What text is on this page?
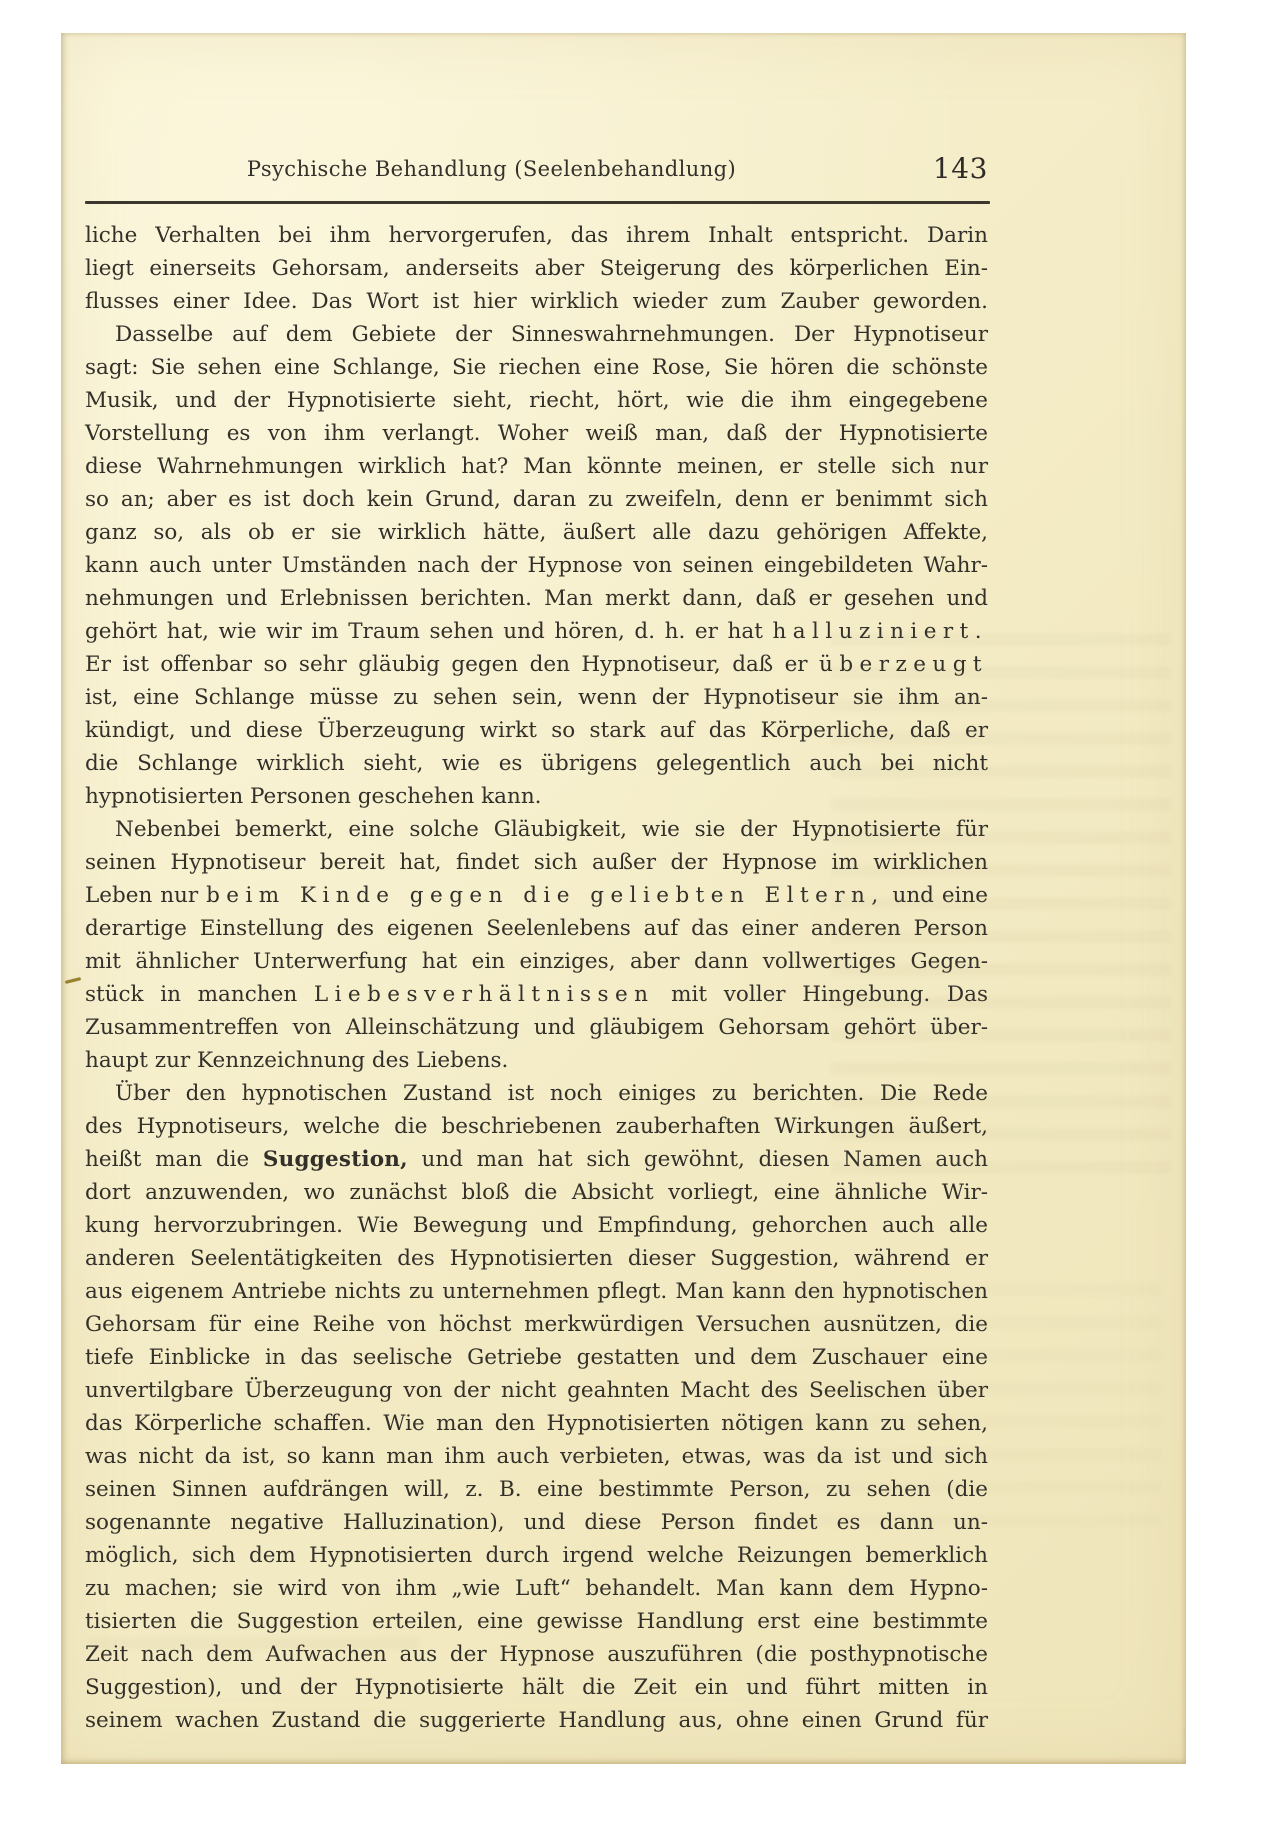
Psychische Behandlung (Seelenbehandlung)	143
liche Verhalten bei ihm hervorgerufen, das ihrem Inhalt entspricht. Darin
liegt einerseits Gehorsam, anderseits aber Steigerung des körperlichen Ein-
flusses einer Idee. Das Wort ist hier wirklich wieder zum Zauber geworden.
Dasselbe auf dem Gebiete der Sinneswahrnehmungen. Der Hypnotiseur
sagt: Sie sehen eine Schlange, Sie riechen eine Rose, Sie hören die schönste
Musik, und der Hypnotisierte sieht, riecht, hört, wie die ihm eingegebene
Vorstellung es von ihm verlangt. Woher weiß man, daß der Hypnotisierte
diese Wahrnehmungen wirklich hat? Man könnte meinen, er stelle sich nur
so an; aber es ist doch kein Grund, daran zu zweifeln, denn er benimmt sich
ganz so, als ob er sie wirklich hätte, äußert alle dazu gehörigen Affekte,
kann auch unter Umständen nach der Hypnose von seinen eingebildeten Wahr-
nehmungen und Erlebnissen berichten. Man merkt dann, daß er gesehen und
gehört hat, wie wir im Traum sehen und hören, d. h. er hat halluziniert.
Er ist offenbar so sehr gläubig gegen den Hypnotiseur, daß er überzeugt
ist, eine Schlange müsse zu sehen sein, wenn der Hypnotiseur sie ihm an-
kündigt, und diese Überzeugung wirkt so stark auf das Körperliche, daß er
die Schlange wirklich sieht, wie es übrigens gelegentlich auch bei nicht
hypnotisierten Personen geschehen kann.
Nebenbei bemerkt, eine solche Gläubigkeit, wie sie der Hypnotisierte für
seinen Hypnotiseur bereit hat, findet sich außer der Hypnose im wirklichen
Leben nur beim Kinde gegen die geliebten Eltern, und eine
derartige Einstellung des eigenen Seelenlebens auf das einer anderen Person
mit ähnlicher Unterwerfung hat ein einziges, aber dann vollwertiges Gegen-
stück in manchen Liebesverhältnissen mit voller Hingebung. Das
Zusammentreffen von Alleinschätzung und gläubigem Gehorsam gehört über-
haupt zur Kennzeichnung des Liebens.
Über den hypnotischen Zustand ist noch einiges zu berichten. Die Rede
des Hypnotiseurs, welche die beschriebenen zauberhaften Wirkungen äußert,
heißt man die Suggestion, und man hat sich gewöhnt, diesen Namen auch
dort anzuwenden, wo zunächst bloß die Absicht vorliegt, eine ähnliche Wir-
kung hervorzubringen. Wie Bewegung und Empfindung, gehorchen auch alle
anderen Seelentätigkeiten des Hypnotisierten dieser Suggestion, während er
aus eigenem Antriebe nichts zu unternehmen pflegt. Man kann den hypnotischen
Gehorsam für eine Reihe von höchst merkwürdigen Versuchen ausnützen, die
tiefe Einblicke in das seelische Getriebe gestatten und dem Zuschauer eine
unvertilgbare Überzeugung von der nicht geahnten Macht des Seelischen über
das Körperliche schaffen. Wie man den Hypnotisierten nötigen kann zu sehen,
was nicht da ist, so kann man ihm auch verbieten, etwas, was da ist und sich
seinen Sinnen aufdrängen will, z. B. eine bestimmte Person, zu sehen (die
sogenannte negative Halluzination), und diese Person findet es dann un-
möglich, sich dem Hypnotisierten durch irgend welche Reizungen bemerklich
zu machen; sie wird von ihm „wie Luft“ behandelt. Man kann dem Hypno-
tisierten die Suggestion erteilen, eine gewisse Handlung erst eine bestimmte
Zeit nach dem Aufwachen aus der Hypnose auszuführen (die posthypnotische
Suggestion), und der Hypnotisierte hält die Zeit ein und führt mitten in
seinem wachen Zustand die suggerierte Handlung aus, ohne einen Grund für
